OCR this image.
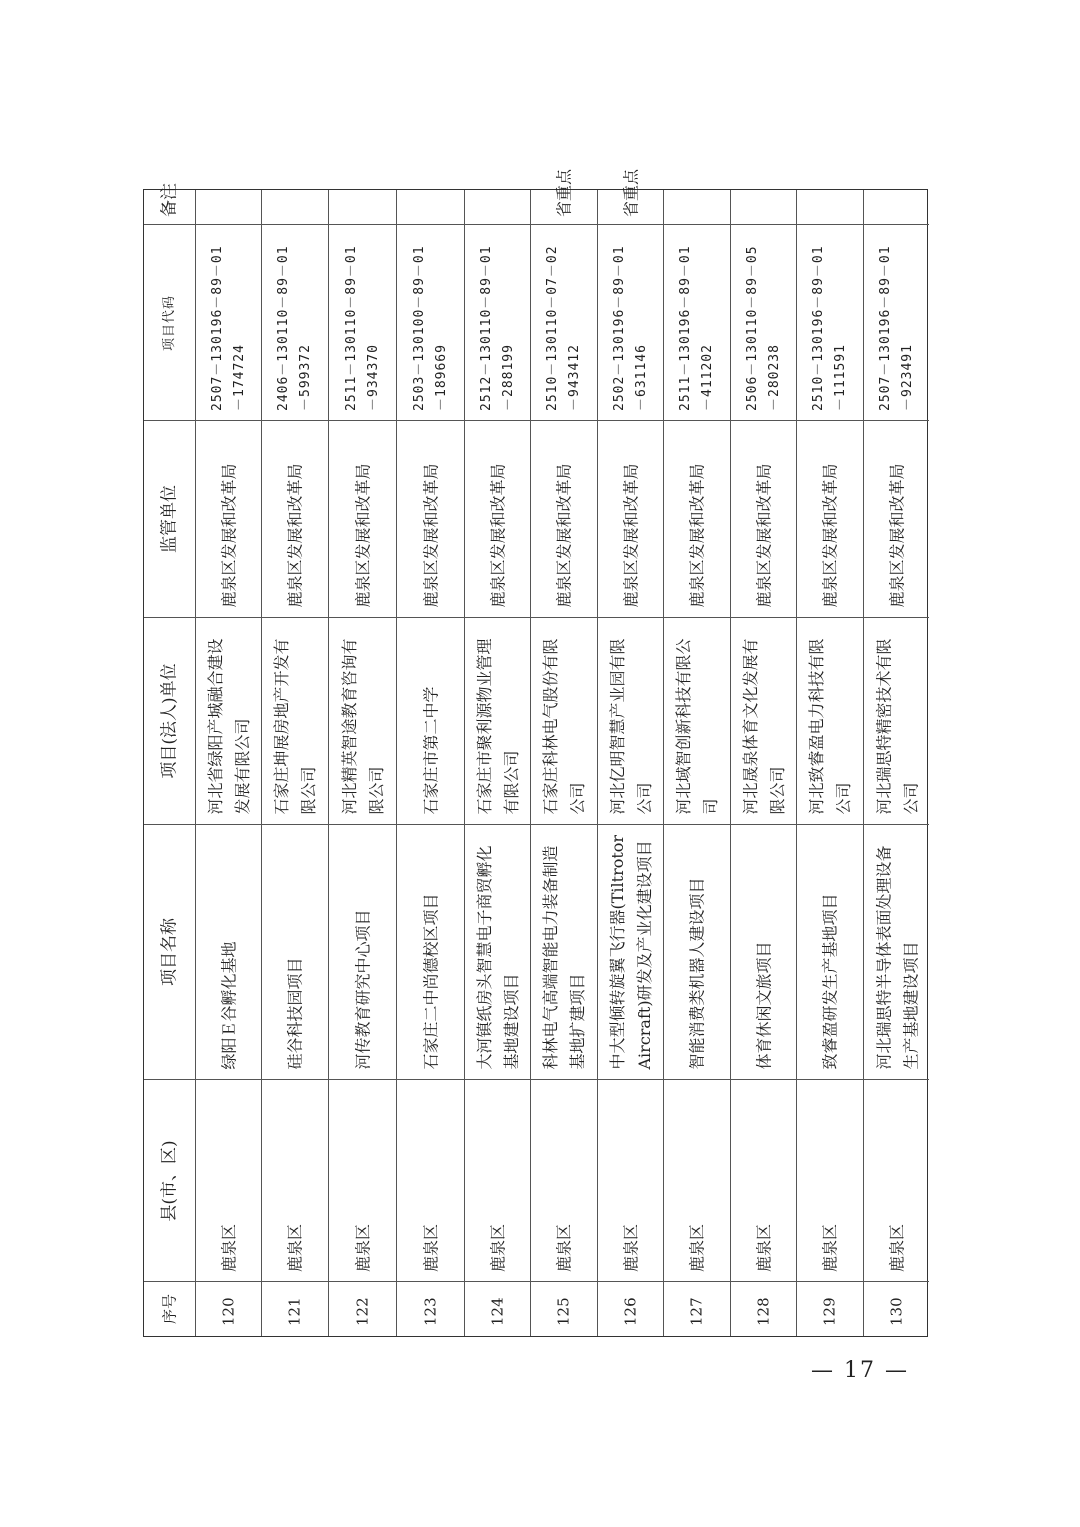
序号
县(市、区)
项目名称
项目(法人)单位
监管单位
项目代码
备注
120
鹿泉区
绿阳Ｅ谷孵化基地
河北省绿阳产城融合建设发展有限公司
鹿泉区发展和改革局
2507－130196－89－01－174724
121
鹿泉区
硅谷科技园项目
石家庄坤展房地产开发有限公司
鹿泉区发展和改革局
2406－130110－89－01－599372
122
鹿泉区
河传教育研究中心项目
河北精英智途教育咨询有限公司
鹿泉区发展和改革局
2511－130110－89－01－934370
123
鹿泉区
石家庄二中尚德校区项目
石家庄市第二中学
鹿泉区发展和改革局
2503－130100－89－01－189669
124
鹿泉区
大河镇纸房头智慧电子商贸孵化基地建设项目
石家庄市聚利源物业管理有限公司
鹿泉区发展和改革局
2512－130110－89－01－288199
125
鹿泉区
科林电气高端智能电力装备制造基地扩建项目
石家庄科林电气股份有限公司
鹿泉区发展和改革局
2510－130110－07－02－943412
省重点
126
鹿泉区
中大型倾转旋翼飞行器(Tiltrotor Aircraft)研发及产业化建设项目
河北亿明智慧产业园有限公司
鹿泉区发展和改革局
2502－130196－89－01－631146
省重点
127
鹿泉区
智能消费类机器人建设项目
河北域智创新科技有限公司
鹿泉区发展和改革局
2511－130196－89－01－411202
128
鹿泉区
体育休闲文旅项目
河北晟泉体育文化发展有限公司
鹿泉区发展和改革局
2506－130110－89－05－280238
129
鹿泉区
致睿盈研发生产基地项目
河北致睿盈电力科技有限公司
鹿泉区发展和改革局
2510－130196－89－01－111591
130
鹿泉区
河北瑞思特半导体表面处理设备生产基地建设项目
河北瑞思特精密技术有限公司
鹿泉区发展和改革局
2507－130196－89－01－923491
— 17 —
